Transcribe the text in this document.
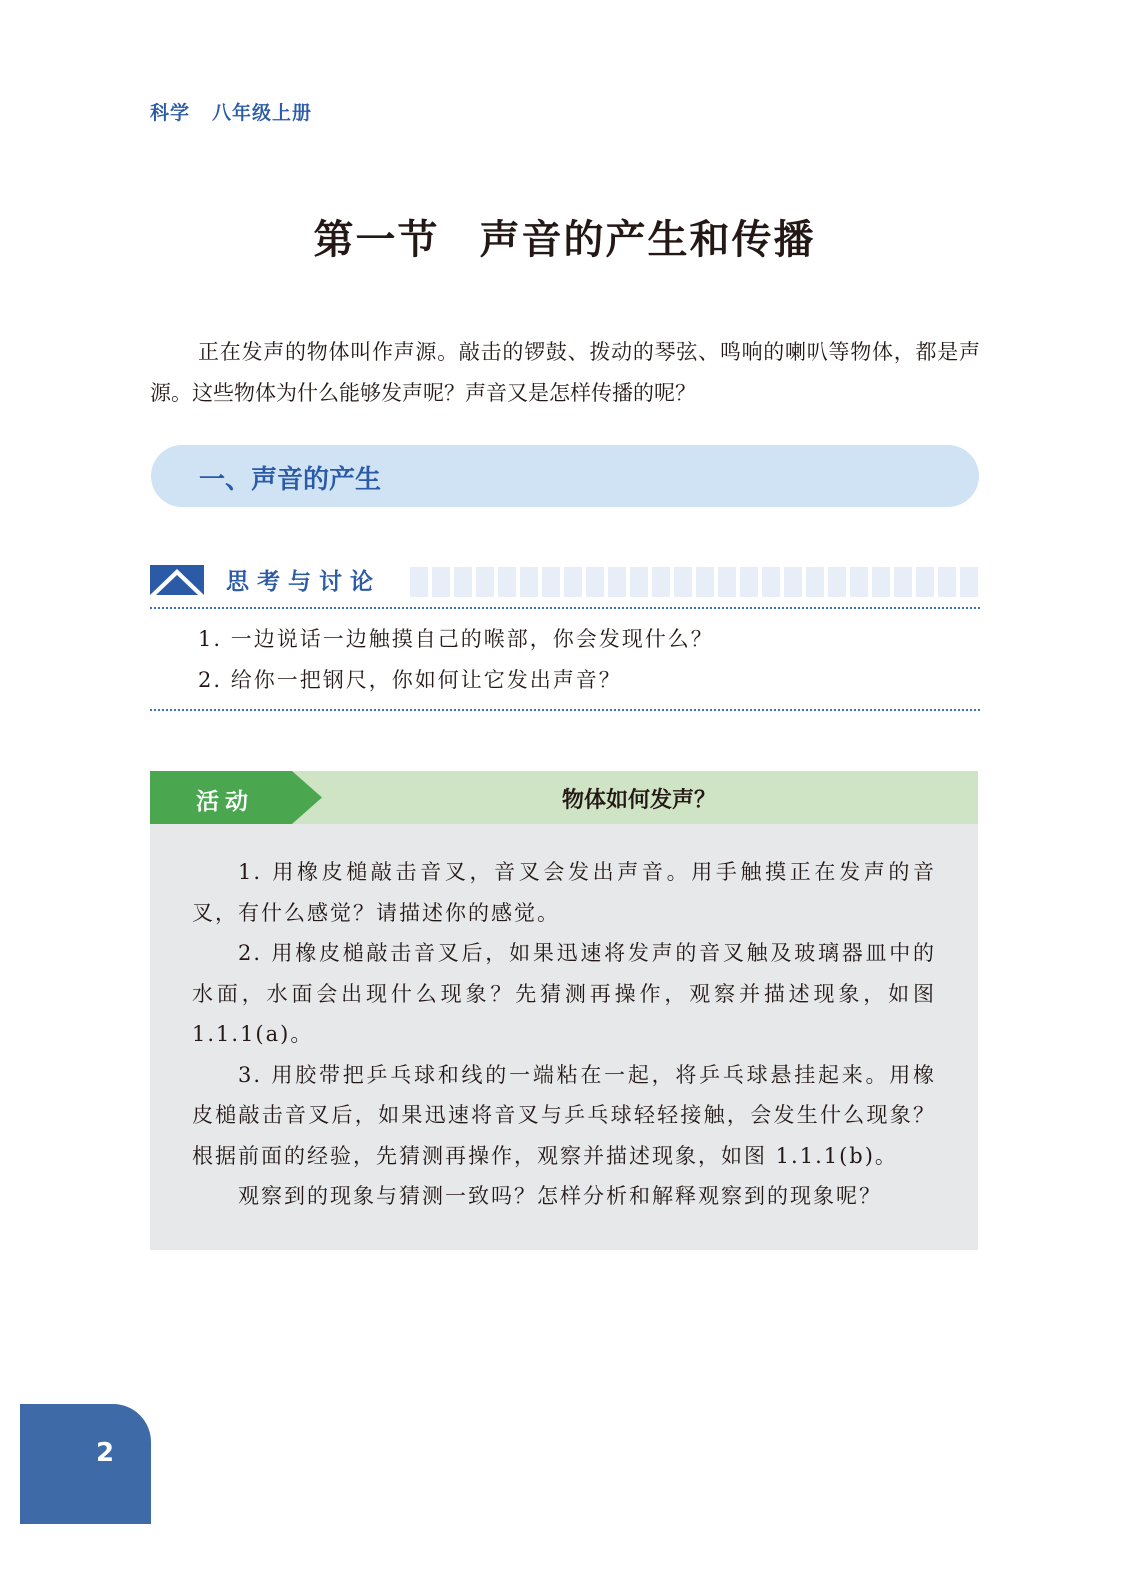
科学 八年级上册
第一节 声音的产生和传播
正在发声的物体叫作声源。敲击的锣鼓、拨动的琴弦、鸣响的喇叭等物体，都是声源。这些物体为什么能够发声呢？声音又是怎样传播的呢？
一、声音的产生
思考与讨论
1. 一边说话一边触摸自己的喉部，你会发现什么？
2. 给你一把钢尺，你如何让它发出声音？
活动	物体如何发声？

1. 用橡皮槌敲击音叉，音叉会发出声音。用手触摸正在发声的音叉，有什么感觉？请描述你的感觉。

2. 用橡皮槌敲击音叉后，如果迅速将发声的音叉触及玻璃器皿中的水面，水面会出现什么现象？先猜测再操作，观察并描述现象，如图1.1.1(a)。

3. 用胶带把乒乓球和线的一端粘在一起，将乒乓球悬挂起来。用橡皮槌敲击音叉后，如果迅速将音叉与乒乓球轻轻接触，会发生什么现象？根据前面的经验，先猜测再操作，观察并描述现象，如图 1.1.1(b)。

观察到的现象与猜测一致吗？怎样分析和解释观察到的现象呢？

2
